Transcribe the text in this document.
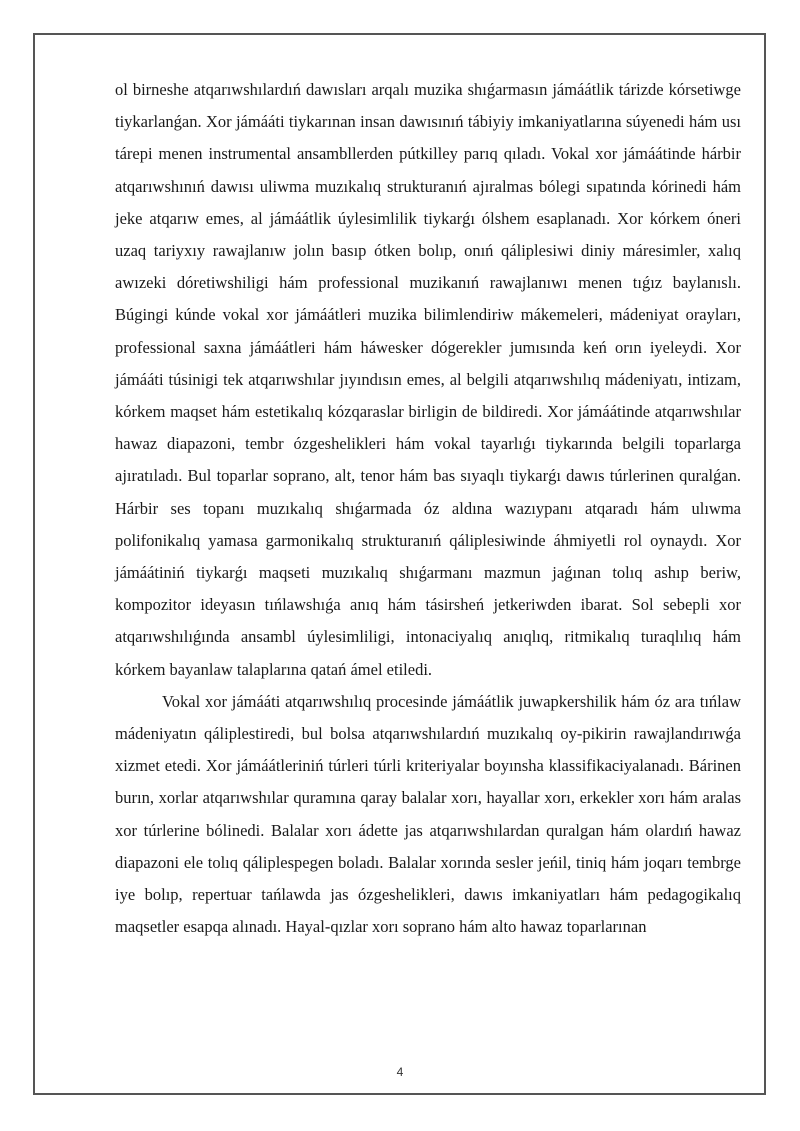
ol birneshe atqarıwshılardıń dawısları arqalı muzika shıǵarmasın jámáátlik tárizde kórsetiwge tiykarlanǵan. Xor jámááti tiykarınan insan dawısınıń tábiyiy imkaniyatlarına súyenedi hám usı tárepi menen instrumental ansambllerden pútkilley parıq qıladı. Vokal xor jámáátinde hárbir atqarıwshınıń dawısı uliwma muzıkalıq strukturanıń ajıralmas bólegi sıpatında kórinedi hám jeke atqarıw emes, al jámáátlik úylesimlilik tiykarǵı ólshem esaplanadı. Xor kórkem óneri uzaq tariyxıy rawajlanıw jolın basıp ótken bolıp, onıń qáliplesiwi diniy máresimler, xalıq awızeki dóretiwshiligi hám professional muzikanıń rawajlanıwı menen tıǵız baylanıslı. Búgingi kúnde vokal xor jámáátleri muzika bilimlendiriw mákemeleri, mádeniyat orayları, professional saxna jámáátleri hám háwesker dógerekler jumısında keń orın iyeleydi. Xor jámááti túsinigi tek atqarıwshılar jıyındısın emes, al belgili atqarıwshılıq mádeniyatı, intizam, kórkem maqset hám estetikalıq kózqaraslar birligin de bildiredi. Xor jámáátinde atqarıwshılar hawaz diapazoni, tembr ózgeshelikleri hám vokal tayarlıǵı tiykarında belgili toparlarga ajıratıladı. Bul toparlar soprano, alt, tenor hám bas sıyaqlı tiykarǵı dawıs túrlerinen quralǵan. Hárbir ses topanı muzıkalıq shıǵarmada óz aldına wazıypanı atqaradı hám ulıwma polifonikalıq yamasa garmonikalıq strukturanıń qáliplesiwinde áhmiyetli rol oynaydı. Xor jámáátiniń tiykarǵı maqseti muzıkalıq shıǵarmanı mazmun jaǵınan tolıq ashıp beriw, kompozitor ideyasın tıńlawshıǵa anıq hám tásirsheń jetkeriwden ibarat. Sol sebepli xor atqarıwshılıǵında ansambl úylesimliligi, intonaciyalıq anıqlıq, ritmikalıq turaqlılıq hám kórkem bayanlaw talaplarına qatań ámel etiledi.

Vokal xor jámááti atqarıwshılıq procesinde jámáátlik juwapkershilik hám óz ara tıńlaw mádeniyatın qáliplestiredi, bul bolsa atqarıwshılardıń muzıkalıq oy-pikirin rawajlandırıwǵa xizmet etedi. Xor jámáátleriniń túrleri túrli kriteriyalar boyınsha klassifikaciyalanadı. Bárinen burın, xorlar atqarıwshılar quramına qaray balalar xorı, hayallar xorı, erkekler xorı hám aralas xor túrlerine bólinedi. Balalar xorı ádette jas atqarıwshılardan quralgan hám olardıń hawaz diapazoni ele tolıq qáliplespegen boladı. Balalar xorında sesler jeńil, tiniq hám joqarı tembrge iye bolıp, repertuar tańlawda jas ózgeshelikleri, dawıs imkaniyatları hám pedagogikalıq maqsetler esapqa alınadı. Hayal-qızlar xorı soprano hám alto hawaz toparlarınan

4
